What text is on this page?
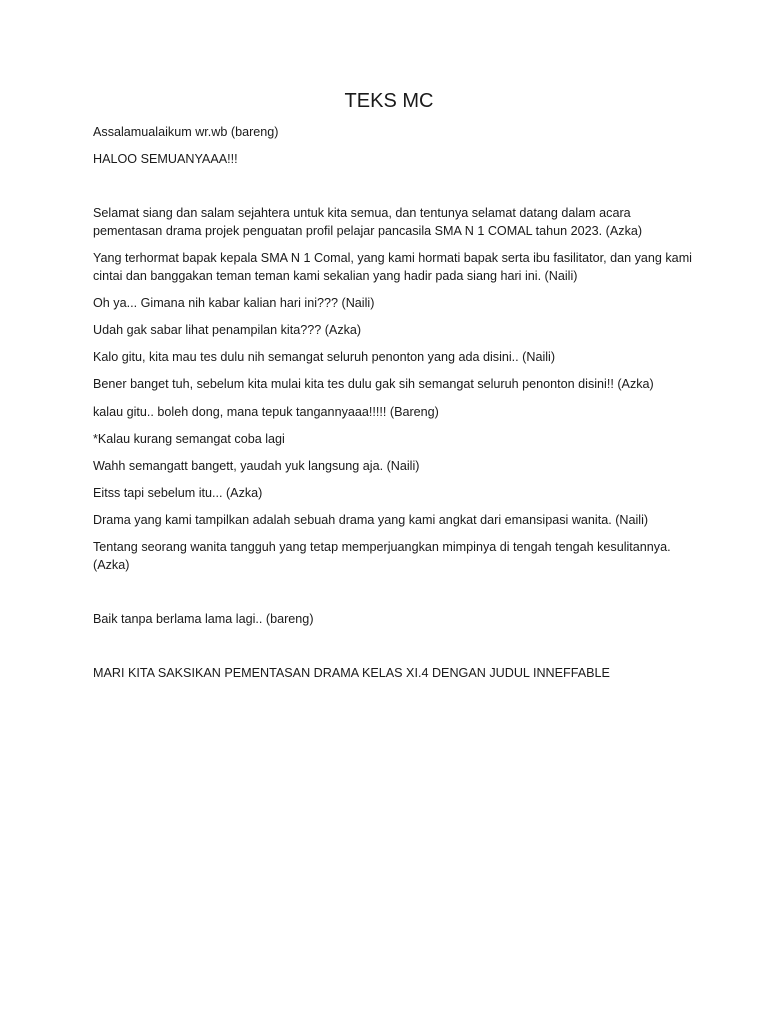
TEKS MC

Assalamualaikum wr.wb (bareng)

HALOO SEMUANYAAA!!!

Selamat siang dan salam sejahtera untuk kita semua, dan tentunya selamat datang dalam acara pementasan drama projek penguatan profil pelajar pancasila SMA N 1 COMAL tahun 2023. (Azka)

Yang terhormat bapak kepala SMA N 1 Comal, yang kami hormati bapak serta ibu fasilitator, dan yang kami cintai dan banggakan teman teman kami sekalian yang hadir pada siang hari ini. (Naili)

Oh ya... Gimana nih kabar kalian hari ini??? (Naili)

Udah gak sabar lihat penampilan kita??? (Azka)

Kalo gitu, kita mau tes dulu nih semangat seluruh penonton yang ada disini.. (Naili)

Bener banget tuh, sebelum kita mulai kita tes dulu gak sih semangat seluruh penonton disini!! (Azka)

kalau gitu.. boleh dong, mana tepuk tangannyaaa!!!!! (Bareng)

*Kalau kurang semangat coba lagi

Wahh semangatt bangett, yaudah yuk langsung aja. (Naili)

Eitss tapi sebelum itu... (Azka)

Drama yang kami tampilkan adalah sebuah drama yang kami angkat dari emansipasi wanita. (Naili)

Tentang seorang wanita tangguh yang tetap memperjuangkan mimpinya di tengah tengah kesulitannya. (Azka)

Baik tanpa berlama lama lagi.. (bareng)

MARI KITA SAKSIKAN PEMENTASAN DRAMA KELAS XI.4 DENGAN JUDUL INNEFFABLE
